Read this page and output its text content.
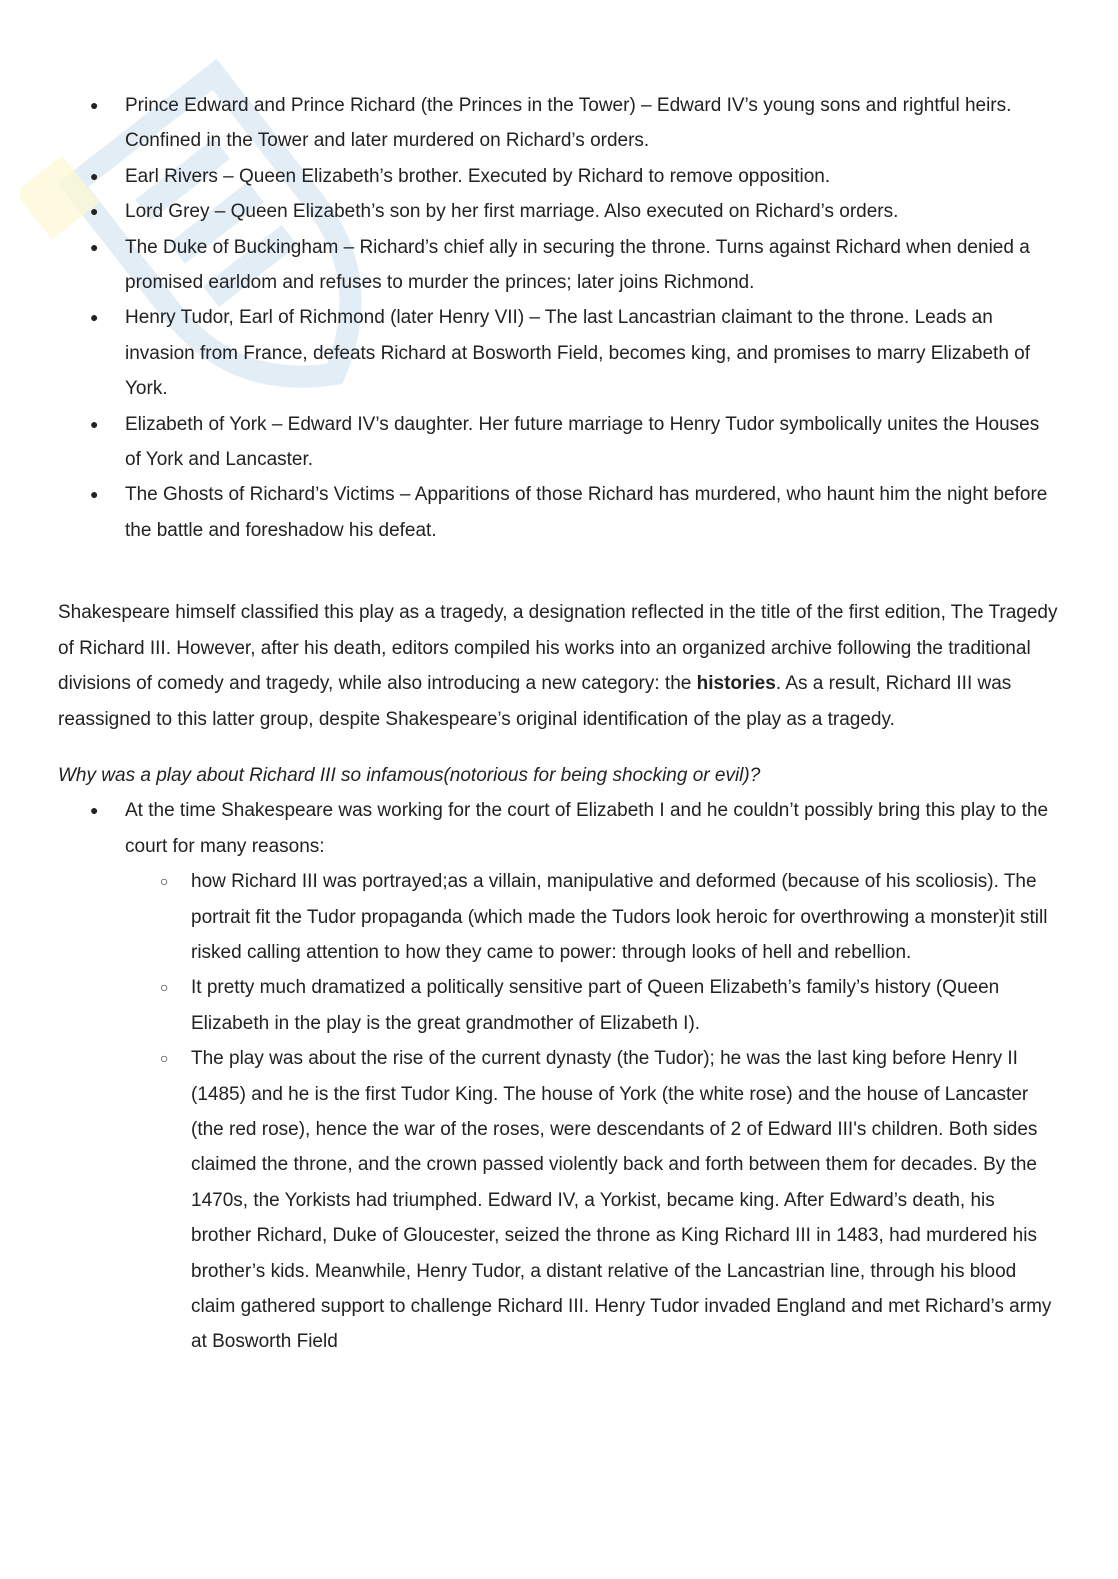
● Prince Edward and Prince Richard (the Princes in the Tower) – Edward IV’s young sons and rightful heirs. Confined in the Tower and later murdered on Richard’s orders.
● Earl Rivers – Queen Elizabeth’s brother. Executed by Richard to remove opposition.
● Lord Grey – Queen Elizabeth’s son by her first marriage. Also executed on Richard’s orders.
● The Duke of Buckingham – Richard’s chief ally in securing the throne. Turns against Richard when denied a promised earldom and refuses to murder the princes; later joins Richmond.
● Henry Tudor, Earl of Richmond (later Henry VII) – The last Lancastrian claimant to the throne. Leads an invasion from France, defeats Richard at Bosworth Field, becomes king, and promises to marry Elizabeth of York.
● Elizabeth of York – Edward IV’s daughter. Her future marriage to Henry Tudor symbolically unites the Houses of York and Lancaster.
● The Ghosts of Richard’s Victims – Apparitions of those Richard has murdered, who haunt him the night before the battle and foreshadow his defeat.

Shakespeare himself classified this play as a tragedy, a designation reflected in the title of the first edition, The Tragedy of Richard III. However, after his death, editors compiled his works into an organized archive following the traditional divisions of comedy and tragedy, while also introducing a new category: the histories. As a result, Richard III was reassigned to this latter group, despite Shakespeare’s original identification of the play as a tragedy.

Why was a play about Richard III so infamous(notorious for being shocking or evil)?

● At the time Shakespeare was working for the court of Elizabeth I and he couldn’t possibly bring this play to the court for many reasons:
○ how Richard III was portrayed;as a villain, manipulative and deformed (because of his scoliosis). The portrait fit the Tudor propaganda (which made the Tudors look heroic for overthrowing a monster)it still risked calling attention to how they came to power: through looks of hell and rebellion.
○ It pretty much dramatized a politically sensitive part of Queen Elizabeth’s family’s history (Queen Elizabeth in the play is the great grandmother of Elizabeth I).
○ The play was about the rise of the current dynasty (the Tudor); he was the last king before Henry II (1485) and he is the first Tudor King. The house of York (the white rose) and the house of Lancaster (the red rose), hence the war of the roses, were descendants of 2 of Edward III's children. Both sides claimed the throne, and the crown passed violently back and forth between them for decades. By the 1470s, the Yorkists had triumphed. Edward IV, a Yorkist, became king. After Edward’s death, his brother Richard, Duke of Gloucester, seized the throne as King Richard III in 1483, had murdered his brother’s kids. Meanwhile, Henry Tudor, a distant relative of the Lancastrian line, through his blood claim gathered support to challenge Richard III. Henry Tudor invaded England and met Richard’s army at Bosworth Field
